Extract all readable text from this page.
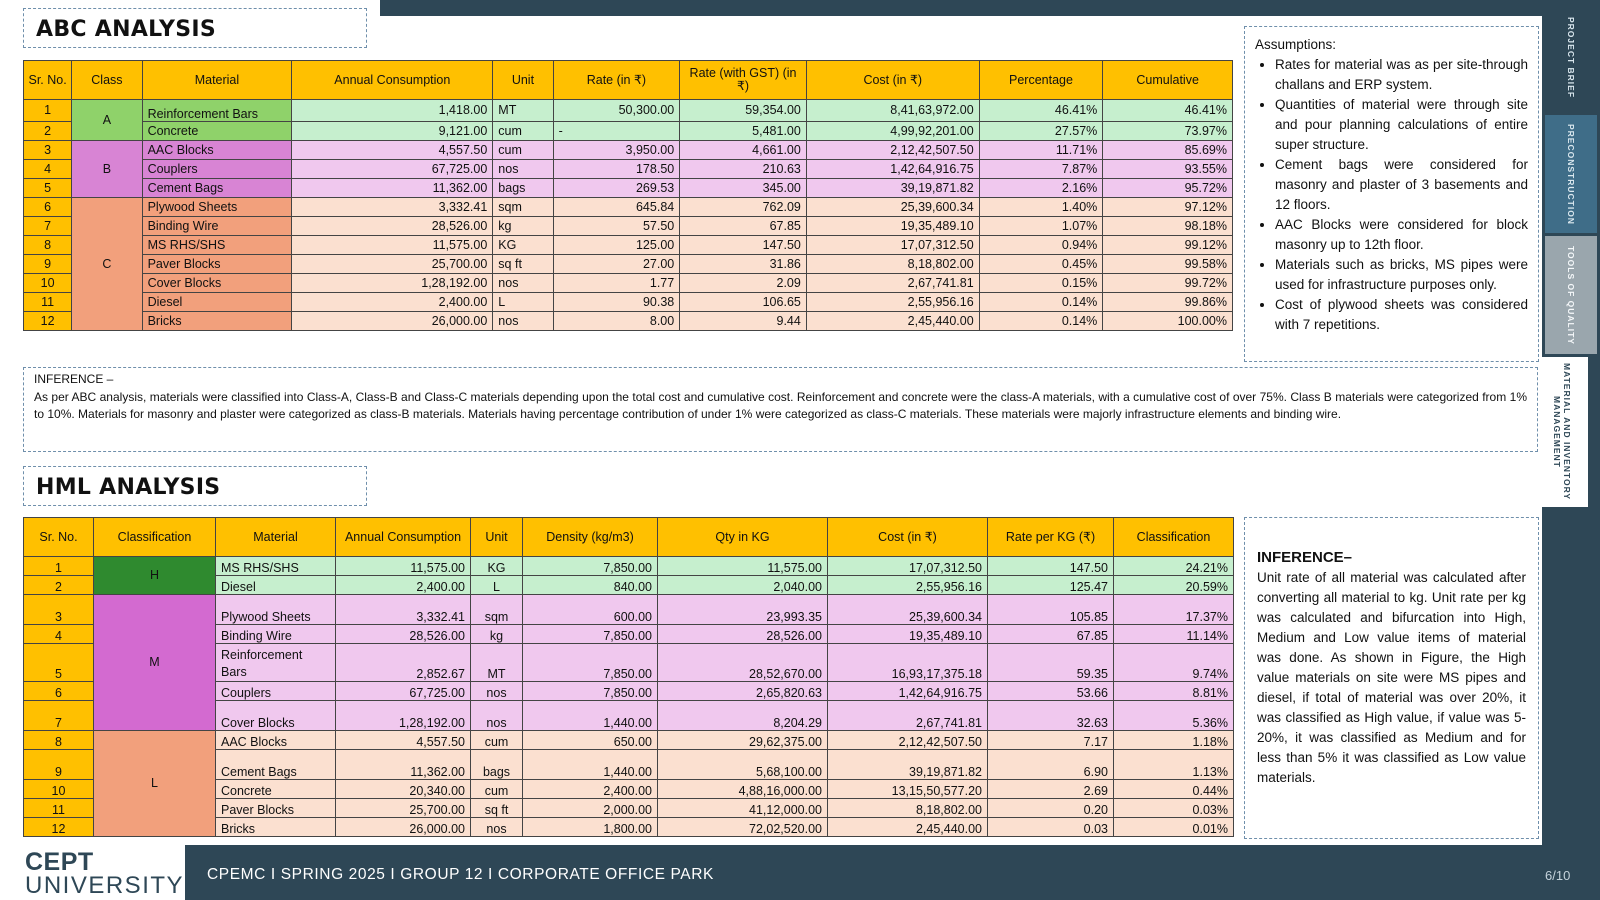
PROJECT BRIEF
PRECONSTRUCTION
TOOLS OF QUALITY
MATERIAL AND INVENTORY MANAGEMENT
ABC ANALYSIS
Sr. No.	Class	Material	Annual Consumption	Unit	Rate (in ₹)	Rate (with GST) (in ₹)	Cost (in ₹)	Percentage	Cumulative
1	A	Reinforcement Bars	1,418.00	MT	50,300.00	59,354.00	8,41,63,972.00	46.41%	46.41%
2		Concrete	9,121.00	cum	-	5,481.00	4,99,92,201.00	27.57%	73.97%
3	B	AAC Blocks	4,557.50	cum	3,950.00	4,661.00	2,12,42,507.50	11.71%	85.69%
4		Couplers	67,725.00	nos	178.50	210.63	1,42,64,916.75	7.87%	93.55%
5		Cement Bags	11,362.00	bags	269.53	345.00	39,19,871.82	2.16%	95.72%
6	C	Plywood Sheets	3,332.41	sqm	645.84	762.09	25,39,600.34	1.40%	97.12%
7		Binding Wire	28,526.00	kg	57.50	67.85	19,35,489.10	1.07%	98.18%
8		MS RHS/SHS	11,575.00	KG	125.00	147.50	17,07,312.50	0.94%	99.12%
9		Paver Blocks	25,700.00	sq ft	27.00	31.86	8,18,802.00	0.45%	99.58%
10		Cover Blocks	1,28,192.00	nos	1.77	2.09	2,67,741.81	0.15%	99.72%
11		Diesel	2,400.00	L	90.38	106.65	2,55,956.16	0.14%	99.86%
12		Bricks	26,000.00	nos	8.00	9.44	2,45,440.00	0.14%	100.00%
Assumptions:
• Rates for material was as per site-through challans and ERP system.
• Quantities of material were through site and pour planning calculations of entire super structure.
• Cement bags were considered for masonry and plaster of 3 basements and 12 floors.
• AAC Blocks were considered for block masonry up to 12th floor.
• Materials such as bricks, MS pipes were used for infrastructure purposes only.
• Cost of plywood sheets was considered with 7 repetitions.
INFERENCE –

As per ABC analysis, materials were classified into Class-A, Class-B and Class-C materials depending upon the total cost and cumulative cost. Reinforcement and concrete were the class-A materials, with a cumulative cost of over 75%. Class B materials were categorized from 1% to 10%. Materials for masonry and plaster were categorized as class-B materials. Materials having percentage contribution of under 1% were categorized as class-C materials. These materials were majorly infrastructure elements and binding wire.

HML ANALYSIS
Sr. No.	Classification	Material	Annual Consumption	Unit	Density (kg/m3)	Qty in KG	Cost (in ₹)	Rate per KG (₹)	Classification
1	H	MS RHS/SHS	11,575.00	KG	7,850.00	11,575.00	17,07,312.50	147.50	24.21%
2		Diesel	2,400.00	L	840.00	2,040.00	2,55,956.16	125.47	20.59%
3	M	Plywood Sheets	3,332.41	sqm	600.00	23,993.35	25,39,600.34	105.85	17.37%
4		Binding Wire	28,526.00	kg	7,850.00	28,526.00	19,35,489.10	67.85	11.14%
5		Reinforcement Bars	2,852.67	MT	7,850.00	28,52,670.00	16,93,17,375.18	59.35	9.74%
6		Couplers	67,725.00	nos	7,850.00	2,65,820.63	1,42,64,916.75	53.66	8.81%
7		Cover Blocks	1,28,192.00	nos	1,440.00	8,204.29	2,67,741.81	32.63	5.36%
8	L	AAC Blocks	4,557.50	cum	650.00	29,62,375.00	2,12,42,507.50	7.17	1.18%
9		Cement Bags	11,362.00	bags	1,440.00	5,68,100.00	39,19,871.82	6.90	1.13%
10		Concrete	20,340.00	cum	2,400.00	4,88,16,000.00	13,15,50,577.20	2.69	0.44%
11		Paver Blocks	25,700.00	sq ft	2,000.00	41,12,000.00	8,18,802.00	0.20	0.03%
12		Bricks	26,000.00	nos	1,800.00	72,02,520.00	2,45,440.00	0.03	0.01%
INFERENCE–

Unit rate of all material was calculated after converting all material to kg. Unit rate per kg was calculated and bifurcation into High, Medium and Low value items of material was done. As shown in Figure, the High value materials on site were MS pipes and diesel, if total of material was over 20%, it was classified as High value, if value was 5-20%, it was classified as Medium and for less than 5% it was classified as Low value materials.

CEPT
UNIVERSITY CPEMC I SPRING 2025 I GROUP 12 I CORPORATE OFFICE PARK	6/10
